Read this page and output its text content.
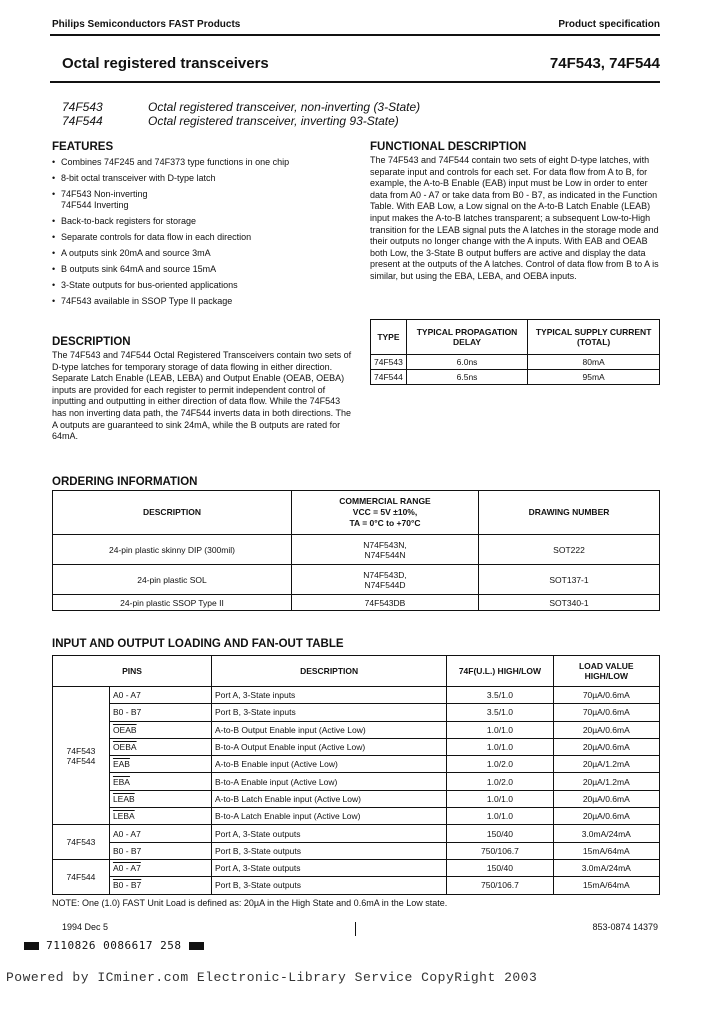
Philips Semiconductors FAST Products	Product specification
Octal registered transceivers	74F543, 74F544
74F543	Octal registered transceiver, non-inverting (3-State)
74F544	Octal registered transceiver, inverting 93-State)
FEATURES
• Combines 74F245 and 74F373 type functions in one chip
• 8-bit octal transceiver with D-type latch
• 74F543 Non-inverting
74F544 Inverting
• Back-to-back registers for storage
• Separate controls for data flow in each direction
• A outputs sink 20mA and source 3mA
• B outputs sink 64mA and source 15mA
• 3-State outputs for bus-oriented applications
• 74F543 available in SSOP Type II package
DESCRIPTION

The 74F543 and 74F544 Octal Registered Transceivers contain two sets of D-type latches for temporary storage of data flowing in either direction. Separate Latch Enable (LEAB, LEBA) and Output Enable (OEAB, OEBA) inputs are provided for each register to permit independent control of inputting and outputting in either direction of data flow. While the 74F543 has non inverting data path, the 74F544 inverts data in both directions. The A outputs are guaranteed to sink 24mA, while the B outputs are rated for 64mA.

FUNCTIONAL DESCRIPTION

The 74F543 and 74F544 contain two sets of eight D-type latches, with separate input and controls for each set. For data flow from A to B, for example, the A-to-B Enable (EAB) input must be Low in order to enter data from A0 - A7 or take data from B0 - B7, as indicated in the Function Table. With EAB Low, a Low signal on the A-to-B Latch Enable (LEAB) input makes the A-to-B latches transparent; a subsequent Low-to-High transition for the LEAB signal puts the A latches in the storage mode and their outputs no longer change with the A inputs. With EAB and OEAB both Low, the 3-State B output buffers are active and display the data present at the outputs of the A latches. Control of data flow from B to A is similar, but using the EBA, LEBA, and OEBA inputs.

TYPE	TYPICAL PROPAGATION DELAY	TYPICAL SUPPLY CURRENT (TOTAL)
74F543	6.0ns	80mA
74F544	6.5ns	95mA
ORDERING INFORMATION
DESCRIPTION	COMMERCIAL RANGE
VCC = 5V ±10%,
TA = 0°C to +70°C	DRAWING NUMBER
24-pin plastic skinny DIP (300mil)	N74F543N,
N74F544N	SOT222
24-pin plastic SOL	N74F543D,
N74F544D	SOT137-1
24-pin plastic SSOP Type II	74F543DB	SOT340-1
INPUT AND OUTPUT LOADING AND FAN-OUT TABLE
PINS		DESCRIPTION	74F(U.L.) HIGH/LOW	LOAD VALUE HIGH/LOW

74F543
74F544	A0 - A7	Port A, 3-State inputs	3.5/1.0	70µA/0.6mA
	B0 - B7	Port B, 3-State inputs	3.5/1.0	70µA/0.6mA
	OEAB	A-to-B Output Enable input (Active Low)	1.0/1.0	20µA/0.6mA
	OEBA	B-to-A Output Enable input (Active Low)	1.0/1.0	20µA/0.6mA
	$\overline{EAB}$	A-to-B Enable input (Active Low)	1.0/2.0	20µA/1.2mA
	$\overline{EBA}$	B-to-A Enable input (Active Low)	1.0/2.0	20µA/1.2mA
	LEAB	A-to-B Latch Enable input (Active Low)	1.0/1.0	20µA/0.6mA
	LEBA	B-to-A Latch Enable input (Active Low)	1.0/1.0	20µA/0.6mA
74F543	A0 - A7	Port A, 3-State outputs	150/40	3.0mA/24mA
	B0 - B7	Port B, 3-State outputs	750/106.7	15mA/64mA
74F544	A0 - A7	Port A, 3-State outputs	150/40	3.0mA/24mA
	B0 - B7	Port B, 3-State outputs	750/106.7	15mA/64mA
NOTE: One (1.0) FAST Unit Load is defined as: 20µA in the High State and 0.6mA in the Low state.
1994 Dec 5	853-0874 14379
7110826 0086617 258
Powered by ICminer.com Electronic-Library Service CopyRight 2003
